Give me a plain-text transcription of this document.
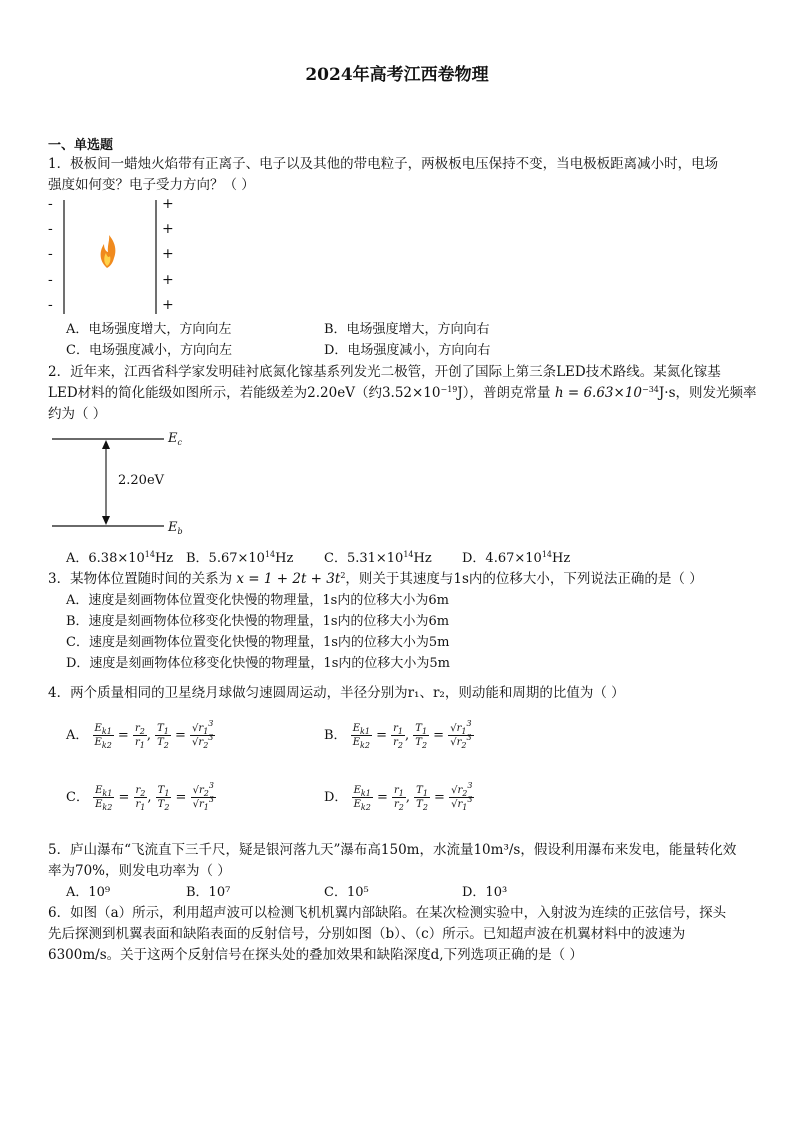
2024年高考江西卷物理
一、单选题
1．极板间一蜡烛火焰带有正离子、电子以及其他的带电粒子，两极板电压保持不变，当电极板距离减小时，电场
强度如何变？电子受力方向？（ ）
-
-
-
-
-
+
+
+
+
+
A．电场强度增大，方向向左	B．电场强度增大，方向向右
C．电场强度减小，方向向左	D．电场强度减小，方向向右
2．近年来，江西省科学家发明硅衬底氮化镓基系列发光二极管，开创了国际上第三条LED技术路线。某氮化镓基
LED材料的简化能级如图所示，若能级差为2.20eV（约$3.52\times 10^{-19}J$），普朗克常量 $h = 6.63\times 10^{-34}J\cdot s$，则发光频率
约为（ ）
$E_c$
$E_b$
2.20eV
A．$6.38\times 10^{14}Hz$ B．$5.67\times 10^{14}Hz$ C．$5.31\times 10^{14}Hz$ D．$4.67\times 10^{14}Hz$
3．某物体位置随时间的关系为 $x = 1 + 2t + 3t^2$，则关于其速度与1s内的位移大小，下列说法正确的是（ ）
A．速度是刻画物体位置变化快慢的物理量，1s内的位移大小为6m
B．速度是刻画物体位移变化快慢的物理量，1s内的位移大小为6m
C．速度是刻画物体位置变化快慢的物理量，1s内的位移大小为5m
D．速度是刻画物体位移变化快慢的物理量，1s内的位移大小为5m
4．两个质量相同的卫星绕月球做匀速圆周运动，半径分别为r₁、r₂，则动能和周期的比值为（ ）
A． $\frac{E_{k1}}{E_{k2}} = \frac{r_2}{r_1}$ , $\frac{T_1}{T_2} = \frac{√r_1^3}{√r_2^3}$	B． $\frac{E_{k1}}{E_{k2}} = \frac{r_1}{r_2}$ , $\frac{T_1}{T_2} = \frac{√r_1^3}{√r_2^3}$
C． $\frac{E_{k1}}{E_{k2}} = \frac{r_2}{r_1}$ , $\frac{T_1}{T_2} = \frac{√r_2^3}{√r_1^3}$	D． $\frac{E_{k1}}{E_{k2}} = \frac{r_1}{r_2}$ , $\frac{T_1}{T_2} = \frac{√r_2^3}{√r_1^3}$
5．庐山瀑布“飞流直下三千尺，疑是银河落九天”瀑布高150m，水流量10m³/s，假设利用瀑布来发电，能量转化效
率为70%，则发电功率为（ ）
A．10⁹	B．10⁷	C．10⁵	D．10³
6．如图（a）所示，利用超声波可以检测飞机机翼内部缺陷。在某次检测实验中，入射波为连续的正弦信号，探头
先后探测到机翼表面和缺陷表面的反射信号，分别如图（b）、（c）所示。已知超声波在机翼材料中的波速为
6300m/s。关于这两个反射信号在探头处的叠加效果和缺陷深度d,下列选项正确的是（ ）
